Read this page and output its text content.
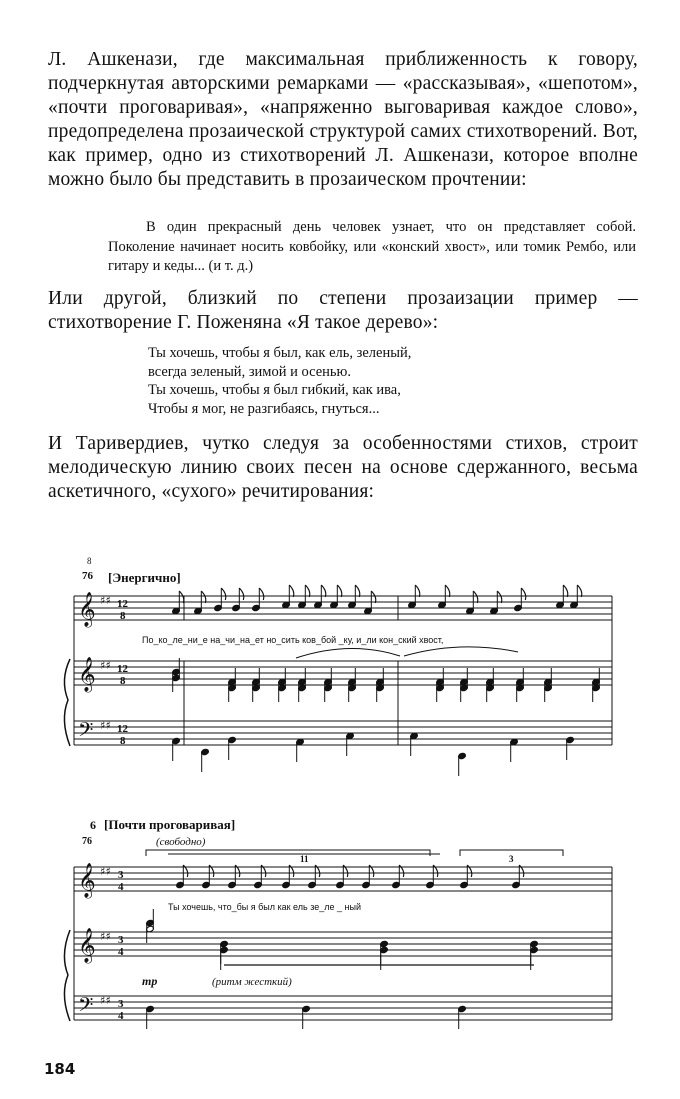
Л. Ашкенази, где максимальная приближенность к говору, подчеркнутая авторскими ремарками — «рассказывая», «шепотом», «почти проговаривая», «напряженно выговаривая каждое слово», предопределена прозаической структурой самих стихотворений. Вот, как пример, одно из стихотворений Л. Ашкенази, которое вполне можно было бы представить в прозаическом прочтении:
В один прекрасный день человек узнает, что он представляет собой. Поколение начинает носить ковбойку, или «конский хвост», или томик Рембо, или гитару и кеды... (и т. д.)
Или другой, близкий по степени прозаизации пример — стихотворение Г. Поженяна «Я такое дерево»:
Ты хочешь, чтобы я был, как ель, зеленый,
всегда зеленый, зимой и осенью.
Ты хочешь, чтобы я был гибкий, как ива,
Чтобы я мог, не разгибаясь, гнуться...
И Таривердиев, чутко следуя за особенностями стихов, строит мелодическую линию своих песен на основе сдержанного, весьма аскетичного, «сухого» речитирования:
8
76 [Энергично]
𝄞
𝄞
𝄢
♯♯
♯♯
♯♯
12
8
12
8
12
8
По_ко_ле_ни_е на_чи_на_ет но_сить ков_бой _ку, и_ли кон_ский хвост,
6
76
[Почти проговаривая]
(свободно)
11	3
mp	(ритм жесткий)
𝄞
𝄞
𝄢
♯♯
♯♯
♯♯
3
4
3
4
3
4
Ты хочешь, что_бы я был как ель зе_ле _ ный
184
